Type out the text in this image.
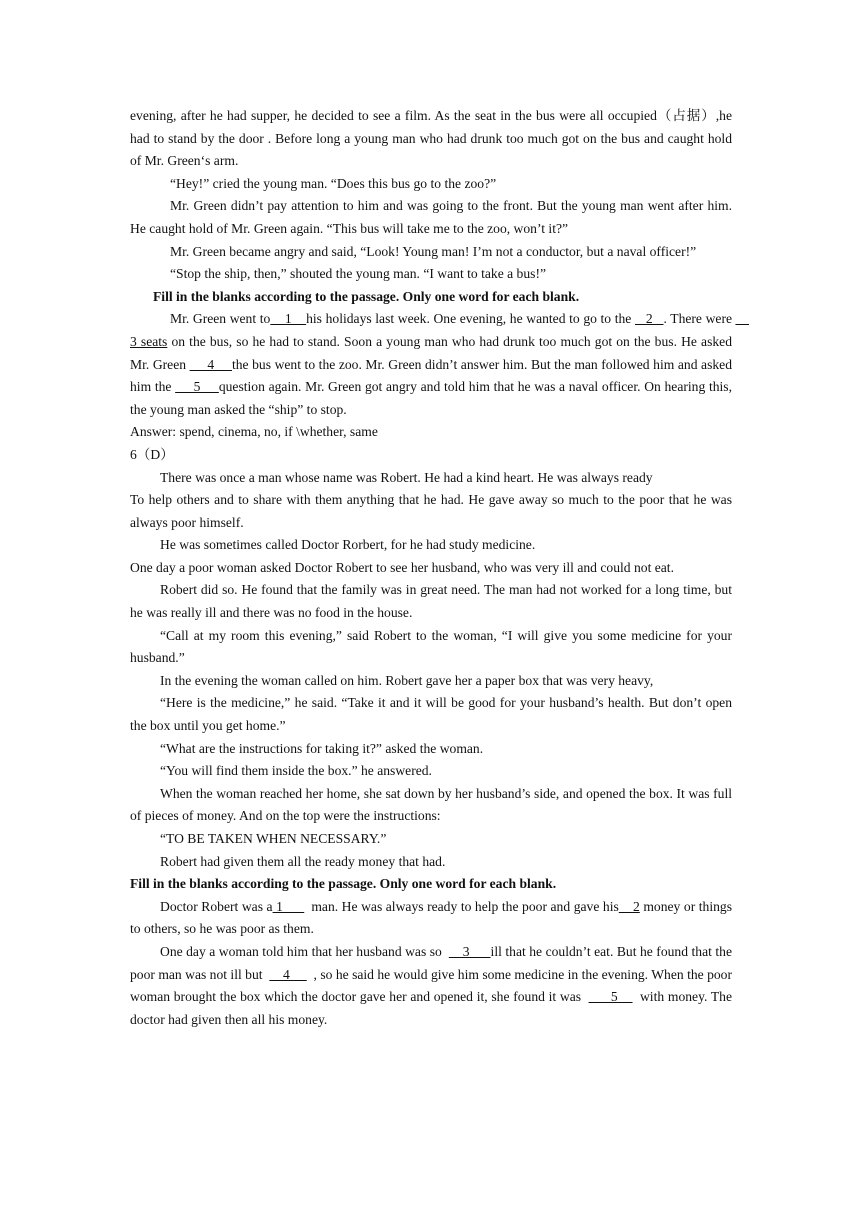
evening, after he had supper, he decided to see a film. As the seat in the bus were all occupied（占据）,he had to stand by the door . Before long a young man who had drunk too much got on the bus and caught hold of Mr. Green‘s arm.

“Hey!” cried the young man. “Does this bus go to the zoo?”

Mr. Green didn’t pay attention to him and was going to the front. But the young man went after him. He caught hold of Mr. Green again. “This bus will take me to the zoo, won’t it?”

Mr. Green became angry and said, “Look! Young man! I’m not a conductor, but a naval officer!”

“Stop the ship, then,” shouted the young man. “I want to take a bus!”

Fill in the blanks according to the passage. Only one word for each blank.

Mr. Green went to    1    his holidays last week. One evening, he wanted to go to the    2   . There were     3 seats on the bus, so he had to stand. Soon a young man who had drunk too much got on the bus. He asked Mr. Green      4     the bus went to the zoo. Mr. Green didn’t answer him. But the man followed him and asked him the      5     question again. Mr. Green got angry and told him that he was a naval officer. On hearing this, the young man asked the “ship” to stop.

Answer: spend, cinema, no, if \whether, same

6（D）

There was once a man whose name was Robert. He had a kind heart. He was always ready

To help others and to share with them anything that he had. He gave away so much to the poor that he was always poor himself.

He was sometimes called Doctor Rorbert, for he had study medicine.

One day a poor woman asked Doctor Robert to see her husband, who was very ill and could not eat.

Robert did so. He found that the family was in great need. The man had not worked for a long time, but he was really ill and there was no food in the house.

“Call at my room this evening,” said Robert to the woman, “I will give you some medicine for your husband.”

In the evening the woman called on him. Robert gave her a paper box that was very heavy,

“Here is the medicine,” he said. “Take it and it will be good for your husband’s health. But don’t open the box until you get home.”

“What are the instructions for taking it?” asked the woman.

“You will find them inside the box.” he answered.

When the woman reached her home, she sat down by her husband’s side, and opened the box. It was full of pieces of money. And on the top were the instructions:

“TO BE TAKEN WHEN NECESSARY.”

Robert had given them all the ready money that had.

Fill in the blanks according to the passage. Only one word for each blank.

Doctor Robert was a 1        man. He was always ready to help the poor and gave his    2 money or things to others, so he was poor as them.

One day a woman told him that her husband was so      3      ill that he couldn’t eat. But he found that the poor man was not ill but      4       , so he said he would give him some medicine in the evening. When the poor woman brought the box which the doctor gave her and opened it, she found it was        5      with money. The doctor had given then all his money.
